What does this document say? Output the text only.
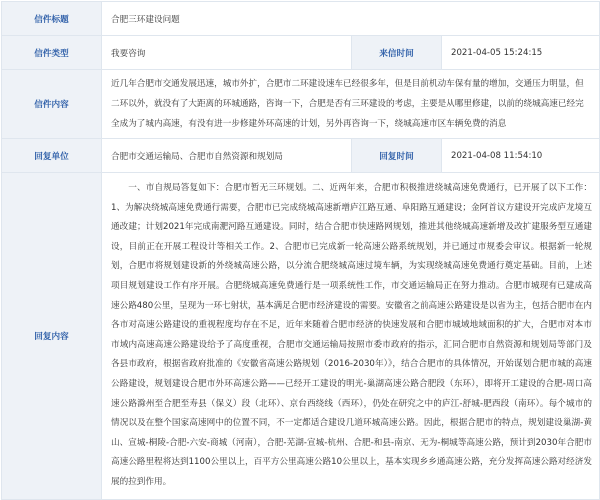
信件标题	合肥三环建设问题		
信件类型	我要咨询	来信时间	2021-04-05 15:24:15
信件内容	近几年合肥市交通发展迅速，城市外扩，合肥市二环建设速车已经很多年，但是目前机动车保有量的增加，交通压力明显，但二环以外，就没有了大距离的环城通路，咨询一下，合肥是否有三环建设的考虑，主要是从哪里修建，以前的绕城高速已经完全成为了城内高速，有没有进一步修建外环高速的计划，另外再咨询一下，绕城高速市区车辆免费的消息		
回复单位	合肥市交通运输局、合肥市自然资源和规划局	回复时间	2021-04-08 11:54:10
回复内容	一、市自规局答复如下：合肥市暂无三环规划。二、近两年来，合肥市积极推进绕城高速免费通行，已开展了以下工作：1、为解决绕城高速免费通行需要，合肥市已完成绕城高速新增庐江路互通、阜阳路互通建设；金阿首议方建设开完成庐龙境互通改建；计划2021年完成南淝河路互通建设。同时，结合合肥市快速路网规划，推进其他绕城高速新增及改扩建服务型互通建设，目前正在开展工程设计等相关工作。2、合肥市已完成新一轮高速公路系统规划，并已通过市规委会审议。根据新一轮规划，合肥市将规划建设新的外绕城高速公路，以分流合肥绕城高速过境车辆，为实现绕城高速免费通行奠定基础。目前，上述项目规划建设工作有序开展。合肥绕城高速免费通行是一项系统性工作，市交通运输局正在努力推动。合肥市城现有已建成高速公路480公里，呈现为一环七射状，基本满足合肥市经济建设的需要。安徽省之前高速公路建设是以省为主，包括合肥市在内各市对高速公路建设的重视程度均存在不足，近年来随着合肥市经济的快速发展和合肥市城域地域面积的扩大，合肥市对本市市域内高速高速公路建设给予了高度重视，合肥市交通运输局按照市委市政府的指示，汇同合肥市自然资源和规划局等部门及各县市政府，根据省政府批准的《安徽省高速公路规划（2016-2030年）》，结合合肥市的具体情况，开始谋划合肥市城的高速公路建设，规划建设合肥市外环高速公路——已经开工建设的明光-巢湖高速公路合肥段（东环），即将开工建设的合肥-周口高速公路滁州至合肥至寿县（保义）段（北环）、京台西绕线（西环），仍处在研究之中的庐江-舒城-肥西段（南环）。每个城市的情况以及在整个国家高速网中的位置不同，不一定都适合建设几道环城高速公路。因此，根据合肥市的特点，规划建设巢湖-黄山、宣城-桐陵-合肥-六安-商城（河南），合肥-芜湖-宣城-杭州、合肥-和县-南京、无为-桐城等高速公路，预计到2030年合肥市高速公路里程将达到1100公里以上，百平方公里高速公路10公里以上，基本实现乡乡通高速公路，充分发挥高速公路对经济发展的拉到作用。		
